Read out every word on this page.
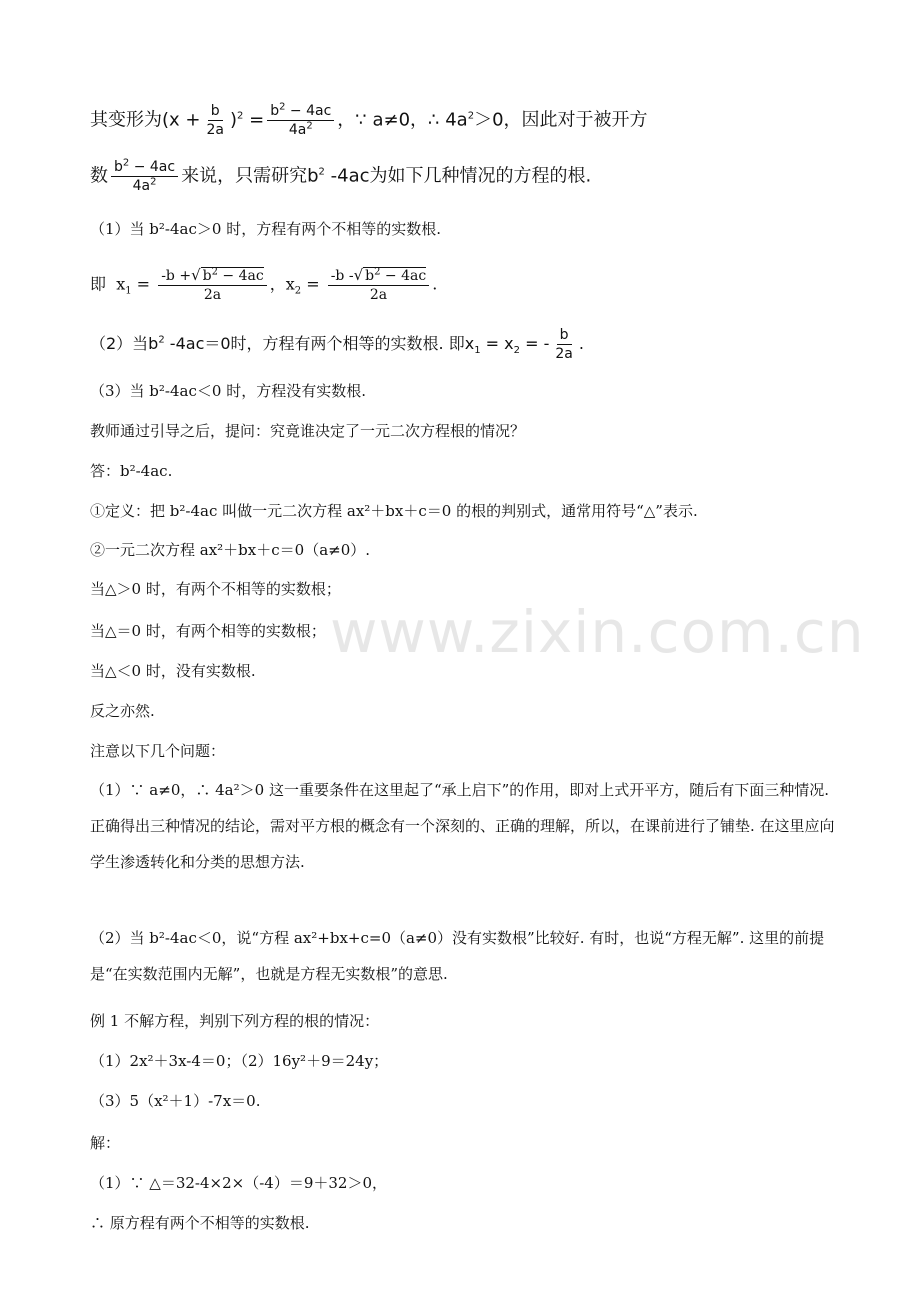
www.zixin.com.cn
其变形为$(x + \frac{b}{2a} )^2 = \frac{b^2 - 4ac}{4a^2}$ ，∵ a≠0，∴ $4a^2>0$，因此对于被开方
数 $\frac{b^2 - 4ac}{4a^2}$ 来说，只需研究$b^2$ -4ac为如下几种情况的方程的根.
（1）当 b²-4ac＞0 时，方程有两个不相等的实数根.
即 $x_1 = \frac{-b +√ b^2 - 4ac}{2a}$ ，$x_2 = \frac{-b -√ b^2 - 4ac}{2a}$ .
（2）当$b^2$ -4ac＝0时，方程有两个相等的实数根. 即$x_1 = x_2$ = - $\frac{b}{2a}$ .
（3）当 b²-4ac＜0 时，方程没有实数根.
教师通过引导之后，提问：究竟谁决定了一元二次方程根的情况？
答：b²-4ac.
①定义：把 b²-4ac 叫做一元二次方程 ax²＋bx＋c＝0 的根的判别式，通常用符号“△”表示.
②一元二次方程 ax²＋bx＋c＝0（a≠0）.
当△＞0 时，有两个不相等的实数根；
当△＝0 时，有两个相等的实数根；
当△＜0 时，没有实数根.
反之亦然.
注意以下几个问题：
（1）∵ a≠0，∴ 4a²＞0 这一重要条件在这里起了“承上启下”的作用，即对上式开平方，随后有下面三种情况. 正确得出三种情况的结论，需对平方根的概念有一个深刻的、正确的理解，所以，在课前进行了铺垫. 在这里应向学生渗透转化和分类的思想方法.
（2）当 b²-4ac＜0，说“方程 ax²+bx+c=0（a≠0）没有实数根”比较好. 有时，也说“方程无解”. 这里的前提是“在实数范围内无解”，也就是方程无实数根”的意思.
例 1 不解方程，判别下列方程的根的情况：
（1）2x²＋3x-4＝0；（2）16y²＋9＝24y；
（3）5（x²＋1）-7x＝0.
解：
（1）∵ △＝32-4×2×（-4）＝9＋32＞0，
∴ 原方程有两个不相等的实数根.
